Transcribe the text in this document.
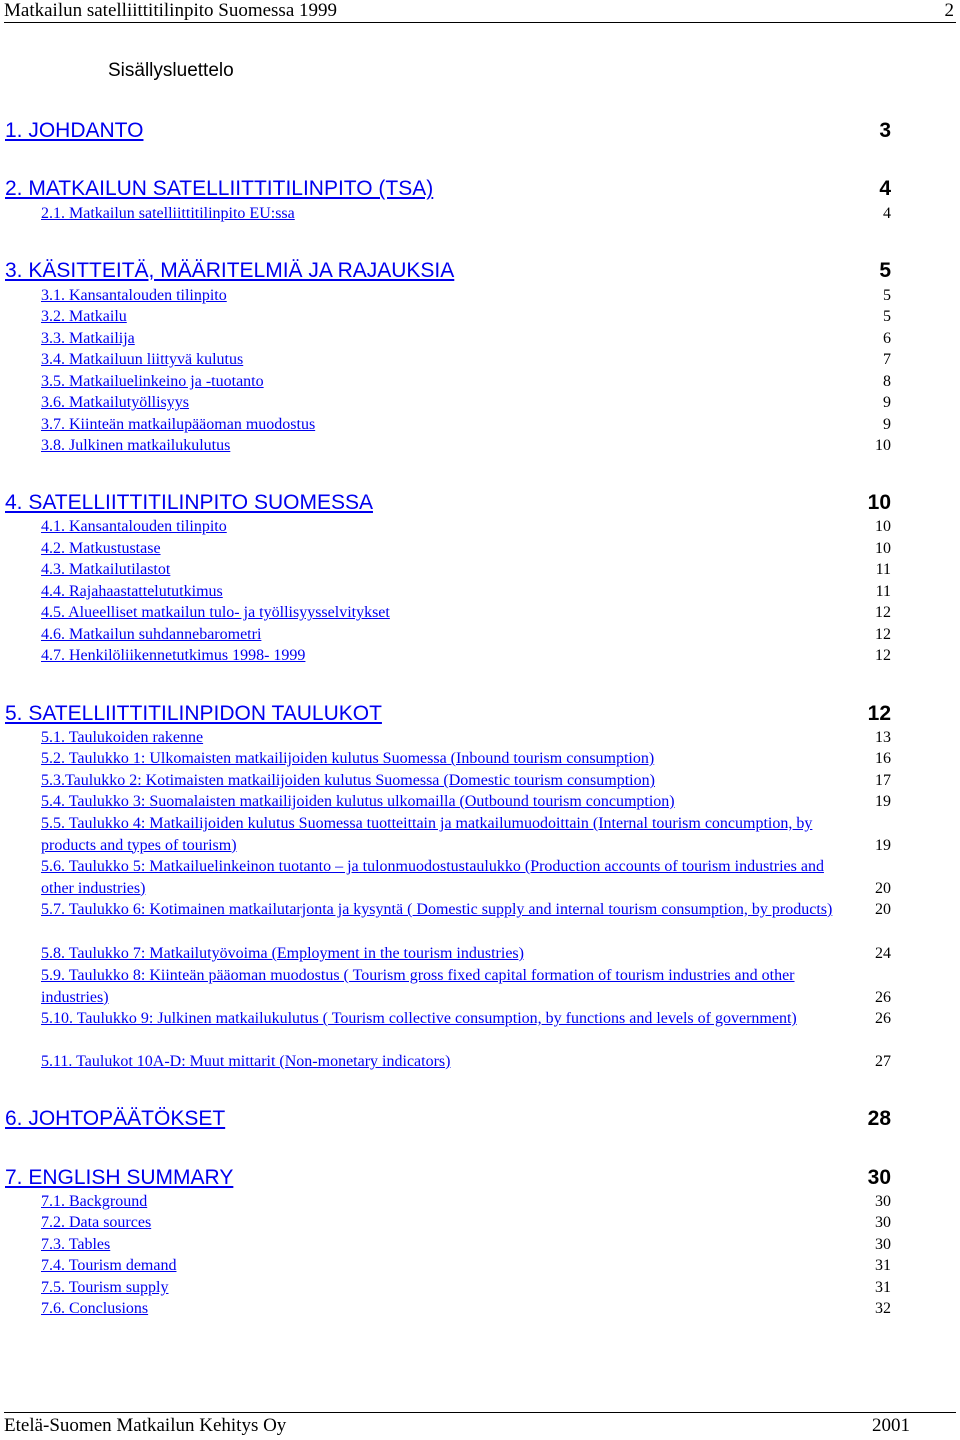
Matkailun satelliittitilinpito Suomessa 1999	2
Sisällysluettelo
1. JOHDANTO	3
2. MATKAILUN SATELLIITTITILINPITO (TSA)	4
2.1. Matkailun satelliittitilinpito EU:ssa	4
3. KÄSITTEITÄ, MÄÄRITELMIÄ JA RAJAUKSIA	5
3.1. Kansantalouden tilinpito	5
3.2. Matkailu	5
3.3. Matkailija	6
3.4. Matkailuun liittyvä kulutus	7
3.5. Matkailuelinkeino ja -tuotanto	8
3.6. Matkailutyöllisyys	9
3.7. Kiinteän matkailupääoman muodostus	9
3.8. Julkinen matkailukulutus	10
4. SATELLIITTITILINPITO SUOMESSA	10
4.1. Kansantalouden tilinpito	10
4.2. Matkustustase	10
4.3. Matkailutilastot	11
4.4. Rajahaastattelututkimus	11
4.5. Alueelliset matkailun tulo- ja työllisyysselvitykset	12
4.6. Matkailun suhdannebarometri	12
4.7. Henkilöliikennetutkimus 1998- 1999	12
5. SATELLIITTITILINPIDON TAULUKOT	12
5.1. Taulukoiden rakenne	13
5.2. Taulukko 1: Ulkomaisten matkailijoiden kulutus Suomessa (Inbound tourism consumption)	16
5.3.Taulukko 2: Kotimaisten matkailijoiden kulutus Suomessa (Domestic tourism consumption)	17
5.4. Taulukko 3: Suomalaisten matkailijoiden kulutus ulkomailla (Outbound tourism concumption)	19
5.5. Taulukko 4: Matkailijoiden kulutus Suomessa tuotteittain ja matkailumuodoittain (Internal tourism concumption, by products and types of tourism)	19
5.6. Taulukko 5: Matkailuelinkeinon tuotanto – ja tulonmuodostustaulukko (Production accounts of tourism industries and other industries)	20
5.7. Taulukko 6: Kotimainen matkailutarjonta ja kysyntä ( Domestic supply and internal tourism consumption, by products)	20
5.8. Taulukko 7: Matkailutyövoima (Employment in the tourism industries)	24
5.9. Taulukko 8: Kiinteän pääoman muodostus ( Tourism gross fixed capital formation of tourism industries and other industries)	26
5.10. Taulukko 9: Julkinen matkailukulutus ( Tourism collective consumption, by functions and levels of government)	26
5.11. Taulukot 10A-D: Muut mittarit (Non-monetary indicators)	27
6. JOHTOPÄÄTÖKSET	28
7. ENGLISH SUMMARY	30
7.1. Background	30
7.2. Data sources	30
7.3. Tables	30
7.4. Tourism demand	31
7.5. Tourism supply	31
7.6. Conclusions	32
Etelä-Suomen Matkailun Kehitys Oy	2001
